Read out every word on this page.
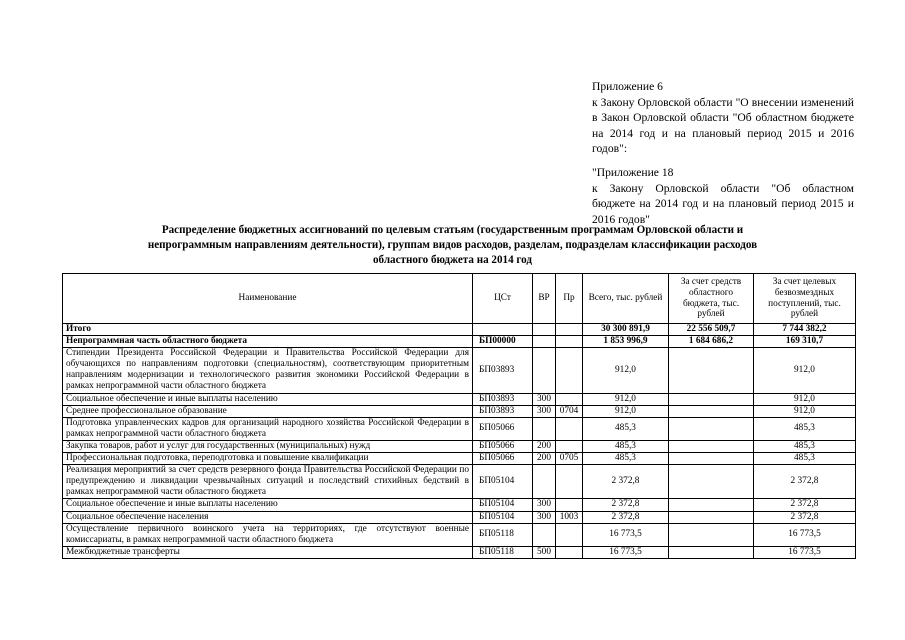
Приложение 6

к Закону Орловской области "О внесении изменений в Закон Орловской области "Об областном бюджете на 2014 год и на плановый период 2015 и 2016 годов":

"Приложение 18

к Закону Орловской области "Об областном бюджете на 2014 год и на плановый период 2015 и 2016 годов"

Распределение бюджетных ассигнований по целевым статьям (государственным программам Орловской области и непрограммным направлениям деятельности), группам видов расходов, разделам, подразделам классификации расходов областного бюджета на 2014 год
Наименование	ЦСт	ВР	Пр	Всего, тыс. рублей	За счет средств областного бюджета, тыс. рублей	За счет целевых безвозмездных поступлений, тыс. рублей
Итого				30 300 891,9	22 556 509,7	7 744 382,2
Непрограммная часть областного бюджета	БП00000			1 853 996,9	1 684 686,2	169 310,7
Стипендии Президента Российской Федерации и Правительства Российской Федерации для обучающихся по направлениям подготовки (специальностям), соответствующим приоритетным направлениям модернизации и технологического развития экономики Российской Федерации в рамках непрограммной части областного бюджета	БП03893			912,0		912,0
Социальное обеспечение и иные выплаты населению	БП03893	300		912,0		912,0
Среднее профессиональное образование	БП03893	300	0704	912,0		912,0
Подготовка управленческих кадров для организаций народного хозяйства Российской Федерации в рамках непрограммной части областного бюджета	БП05066			485,3		485,3
Закупка товаров, работ и услуг для государственных (муниципальных) нужд	БП05066	200		485,3		485,3
Профессиональная подготовка, переподготовка и повышение квалификации	БП05066	200	0705	485,3		485,3
Реализация мероприятий за счет средств резервного фонда Правительства Российской Федерации по предупреждению и ликвидации чрезвычайных ситуаций и последствий стихийных бедствий в рамках непрограммной части областного бюджета	БП05104			2 372,8		2 372,8
Социальное обеспечение и иные выплаты населению	БП05104	300		2 372,8		2 372,8
Социальное обеспечение населения	БП05104	300	1003	2 372,8		2 372,8
Осуществление первичного воинского учета на территориях, где отсутствуют военные комиссариаты, в рамках непрограммной части областного бюджета	БП05118			16 773,5		16 773,5
Межбюджетные трансферты	БП05118	500		16 773,5		16 773,5
